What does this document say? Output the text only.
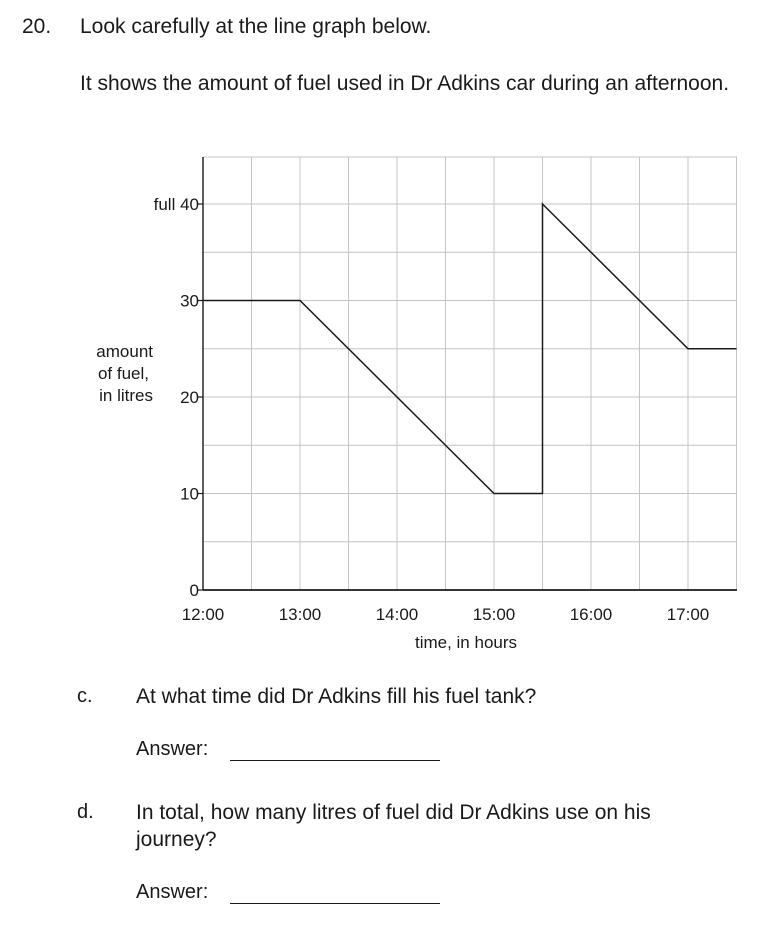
20. Look carefully at the line graph below.
It shows the amount of fuel used in Dr Adkins car during an afternoon.
0
10
20
30
full 40
12:00	13:00	14:00	15:00	16:00	17:00
time, in hours
amount
of fuel,
in litres
c. At what time did Dr Adkins fill his fuel tank?
Answer:
d. In total, how many litres of fuel did Dr Adkins use on his journey?
Answer:
